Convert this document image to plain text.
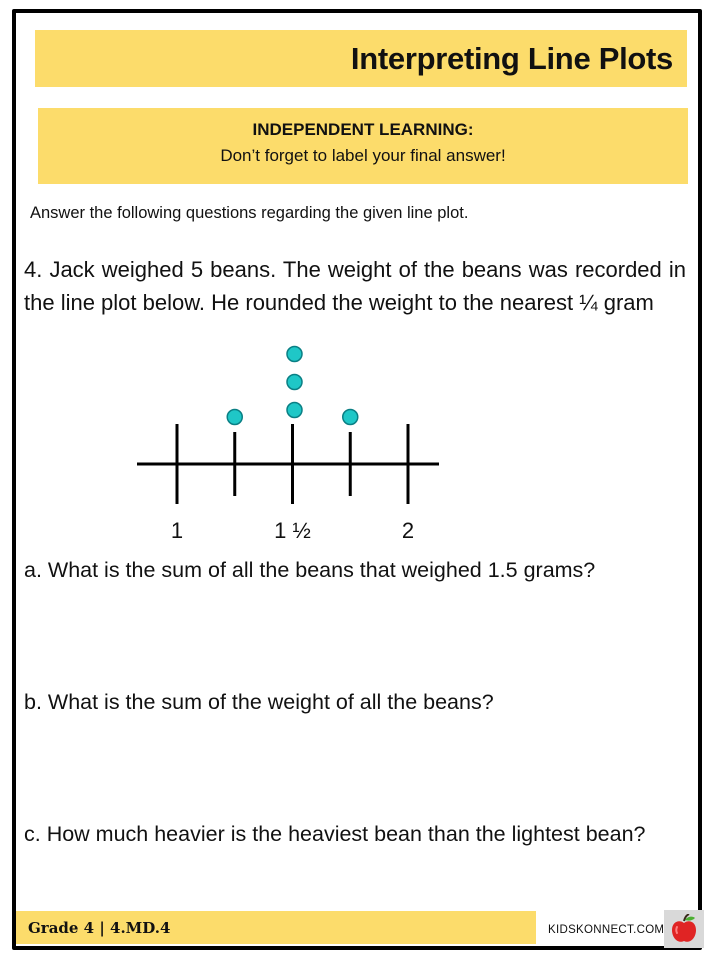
Interpreting Line Plots
INDEPENDENT LEARNING:
Don’t forget to label your final answer!
Answer the following questions regarding the given line plot.
4. Jack weighed 5 beans. The weight of the beans was recorded in the line plot below. He rounded the weight to the nearest ¼ gram
1	1 ½	2
a. What is the sum of all the beans that weighed 1.5 grams?
b. What is the sum of the weight of all the beans?
c. How much heavier is the heaviest bean than the lightest bean?
Grade 4 | 4.MD.4	KIDSKONNECT.COM
